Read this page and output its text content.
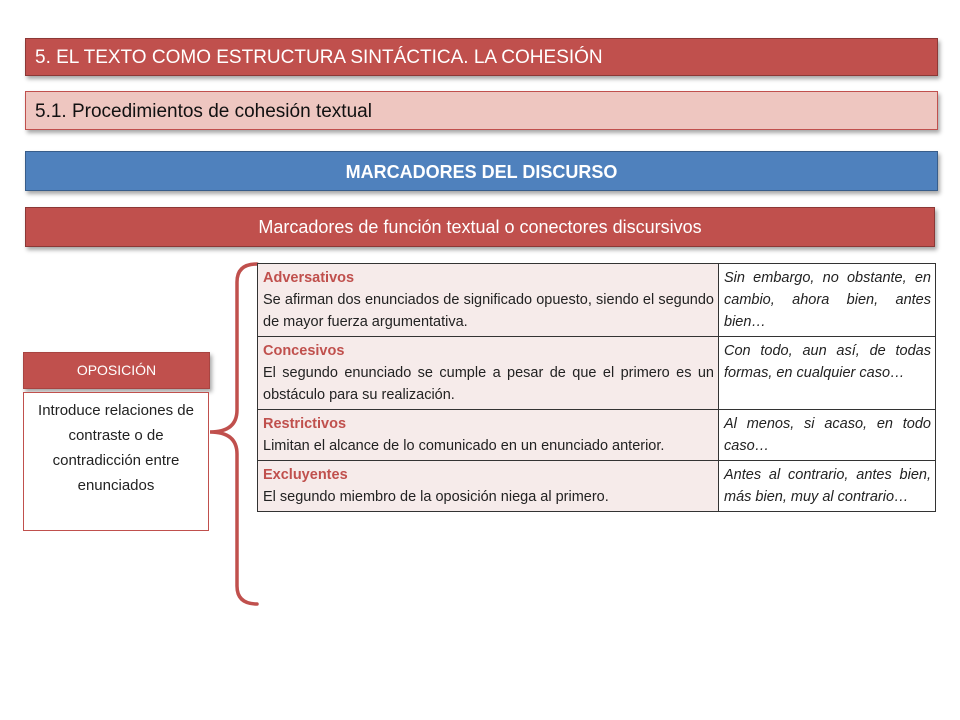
5. EL TEXTO COMO ESTRUCTURA SINTÁCTICA. LA COHESIÓN
5.1. Procedimientos de cohesión textual
MARCADORES DEL DISCURSO
Marcadores de función textual o conectores discursivos
OPOSICIÓN
Introduce relaciones de contraste o de contradicción entre enunciados
Adversativos
Se afirman dos enunciados de significado opuesto, siendo el segundo de mayor fuerza argumentativa.	Sin embargo, no obstante, en cambio, ahora bien, antes bien…

Concesivos
El segundo enunciado se cumple a pesar de que el primero es un obstáculo para su realización.	Con todo, aun así, de todas formas, en cualquier caso…

Restrictivos
Limitan el alcance de lo comunicado en un enunciado anterior.	Al menos, si acaso, en todo caso…

Excluyentes
El segundo miembro de la oposición niega al primero.	Antes al contrario, antes bien, más bien, muy al contrario…
